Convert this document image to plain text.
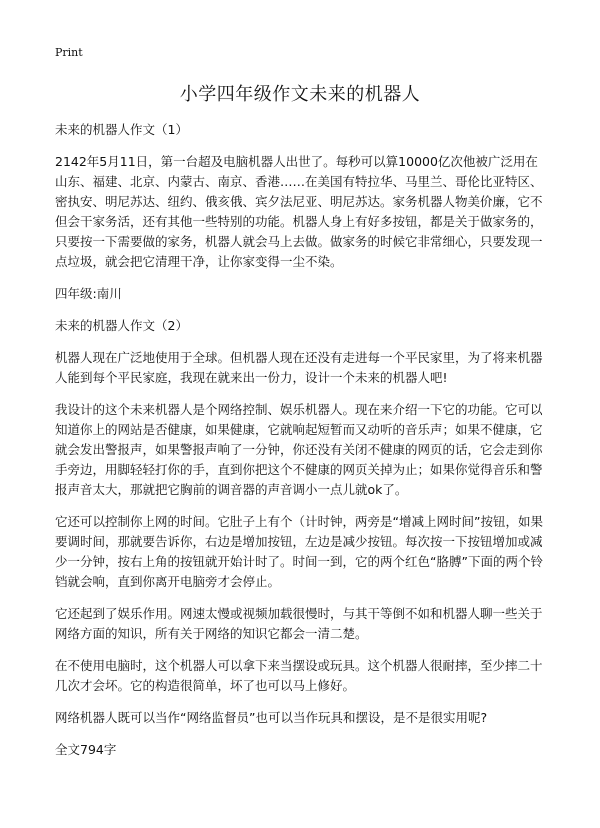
Print
小学四年级作文未来的机器人

未来的机器人作文（1）

2142年5月11日，第一台超及电脑机器人出世了。每秒可以算10000亿次他被广泛用在山东、福建、北京、内蒙古、南京、香港……在美国有特拉华、马里兰、哥伦比亚特区、密执安、明尼苏达、纽约、俄亥俄、宾夕法尼亚、明尼苏达。家务机器人物美价廉，它不但会干家务活，还有其他一些特别的功能。机器人身上有好多按钮，都是关于做家务的，只要按一下需要做的家务，机器人就会马上去做。做家务的时候它非常细心，只要发现一点垃圾，就会把它清理干净，让你家变得一尘不染。

四年级:南川

未来的机器人作文（2）

机器人现在广泛地使用于全球。但机器人现在还没有走进每一个平民家里，为了将来机器人能到每个平民家庭，我现在就来出一份力，设计一个未来的机器人吧!

我设计的这个未来机器人是个网络控制、娱乐机器人。现在来介绍一下它的功能。它可以知道你上的网站是否健康，如果健康，它就响起短暂而又动听的音乐声；如果不健康，它就会发出警报声，如果警报声响了一分钟，你还没有关闭不健康的网页的话，它会走到你手旁边，用脚轻轻打你的手，直到你把这个不健康的网页关掉为止；如果你觉得音乐和警报声音太大，那就把它胸前的调音器的声音调小一点儿就ok了。

它还可以控制你上网的时间。它肚子上有个（计时钟，两旁是“增减上网时间”按钮，如果要调时间，那就要告诉你，右边是增加按钮，左边是减少按钮。每次按一下按钮增加或减少一分钟，按右上角的按钮就开始计时了。时间一到，它的两个红色“胳膊”下面的两个铃铛就会响，直到你离开电脑旁才会停止。

它还起到了娱乐作用。网速太慢或视频加载很慢时，与其干等倒不如和机器人聊一些关于网络方面的知识，所有关于网络的知识它都会一清二楚。

在不使用电脑时，这个机器人可以拿下来当摆设或玩具。这个机器人很耐摔，至少摔二十几次才会坏。它的构造很简单，坏了也可以马上修好。

网络机器人既可以当作“网络监督员”也可以当作玩具和摆设，是不是很实用呢?

全文794字
